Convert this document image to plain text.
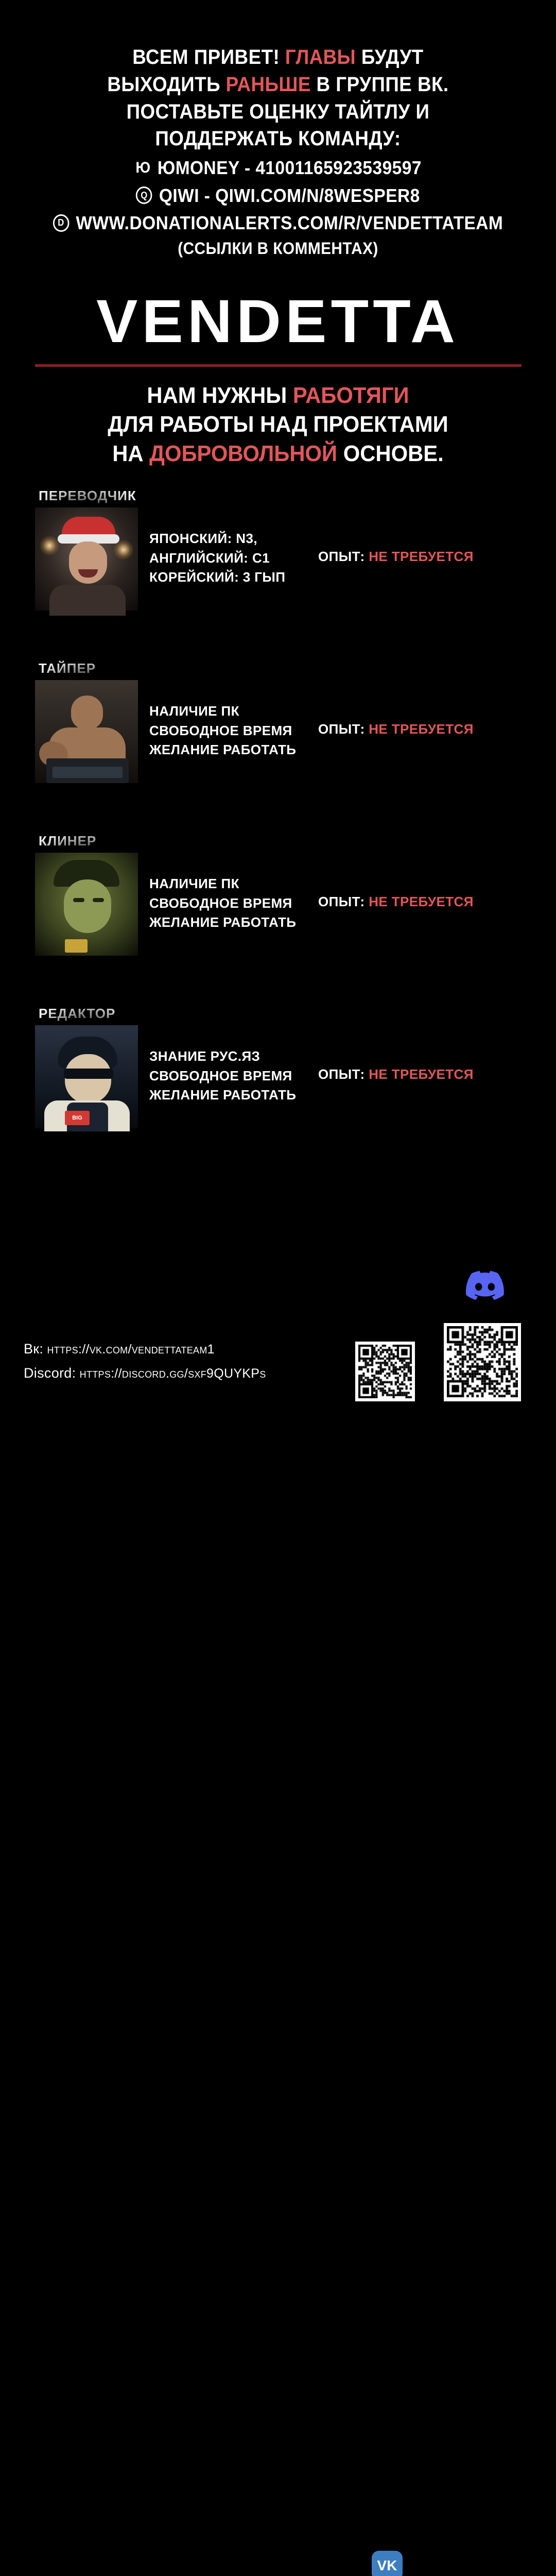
ВСЕМ ПРИВЕТ! ГЛАВЫ БУДУТ
ВЫХОДИТЬ РАНЬШЕ В ГРУППЕ ВК.
ПОСТАВЬТЕ ОЦЕНКУ ТАЙТЛУ И
ПОДДЕРЖАТЬ КОМАНДУ:
Ю ЮMONEY - 41001165923539597
Q QIWI - QIWI.COM/N/8WESPER8
D WWW.DONATIONALERTS.COM/R/VENDETTATEAM
(ССЫЛКИ В КОММЕНТАХ)
VENDETTA
НАМ НУЖНЫ РАБОТЯГИ
ДЛЯ РАБОТЫ НАД ПРОЕКТАМИ
НА ДОБРОВОЛЬНОЙ ОСНОВЕ.
ПЕРЕВОДЧИК
ЯПОНСКИЙ: N3,
АНГЛИЙСКИЙ: C1
КОРЕЙСКИЙ: 3 ГЫП
ОПЫТ: НЕ ТРЕБУЕТСЯ
ТАЙПЕР
НАЛИЧИЕ ПК
СВОБОДНОЕ ВРЕМЯ
ЖЕЛАНИЕ РАБОТАТЬ
ОПЫТ: НЕ ТРЕБУЕТСЯ
КЛИНЕР
НАЛИЧИЕ ПК
СВОБОДНОЕ ВРЕМЯ
ЖЕЛАНИЕ РАБОТАТЬ
ОПЫТ: НЕ ТРЕБУЕТСЯ
РЕДАКТОР
BIG
ЗНАНИЕ РУС.ЯЗ
СВОБОДНОЕ ВРЕМЯ
ЖЕЛАНИЕ РАБОТАТЬ
ОПЫТ: НЕ ТРЕБУЕТСЯ
Вк: https://vk.com/vendettateam1
Discord: https://discord.gg/sxf9QUYKPs
VK
